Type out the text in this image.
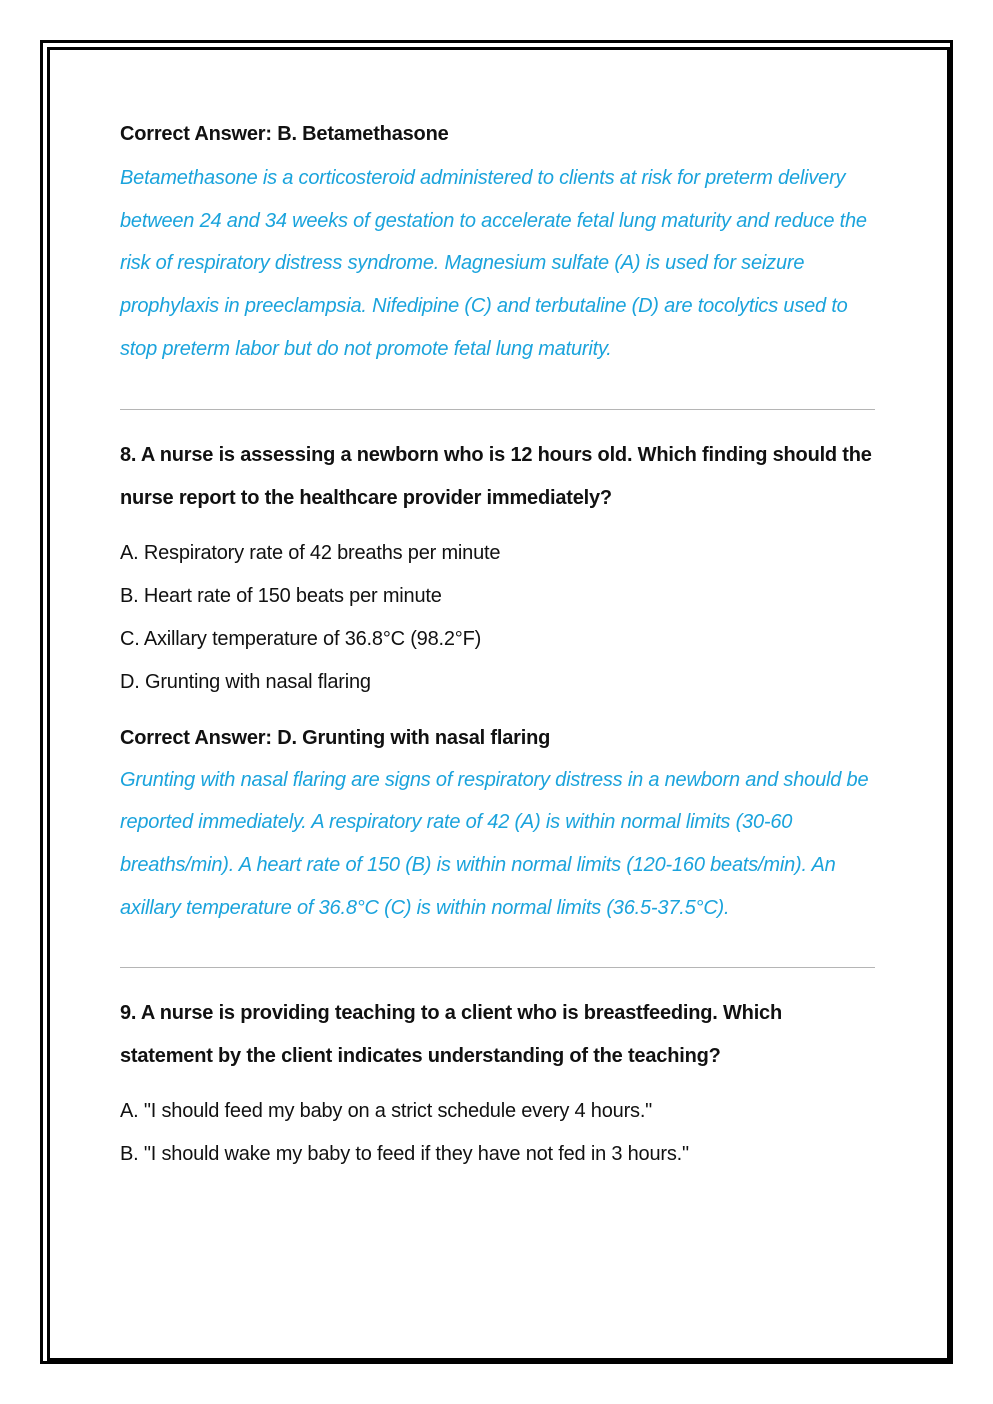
Correct Answer: B. Betamethasone

Betamethasone is a corticosteroid administered to clients at risk for preterm delivery between 24 and 34 weeks of gestation to accelerate fetal lung maturity and reduce the risk of respiratory distress syndrome. Magnesium sulfate (A) is used for seizure prophylaxis in preeclampsia. Nifedipine (C) and terbutaline (D) are tocolytics used to stop preterm labor but do not promote fetal lung maturity.

8. A nurse is assessing a newborn who is 12 hours old. Which finding should the nurse report to the healthcare provider immediately?

A. Respiratory rate of 42 breaths per minute
B. Heart rate of 150 beats per minute
C. Axillary temperature of 36.8°C (98.2°F)
D. Grunting with nasal flaring

Correct Answer: D. Grunting with nasal flaring

Grunting with nasal flaring are signs of respiratory distress in a newborn and should be reported immediately. A respiratory rate of 42 (A) is within normal limits (30-60 breaths/min). A heart rate of 150 (B) is within normal limits (120-160 beats/min). An axillary temperature of 36.8°C (C) is within normal limits (36.5-37.5°C).

9. A nurse is providing teaching to a client who is breastfeeding. Which statement by the client indicates understanding of the teaching?

A. "I should feed my baby on a strict schedule every 4 hours."
B. "I should wake my baby to feed if they have not fed in 3 hours."
